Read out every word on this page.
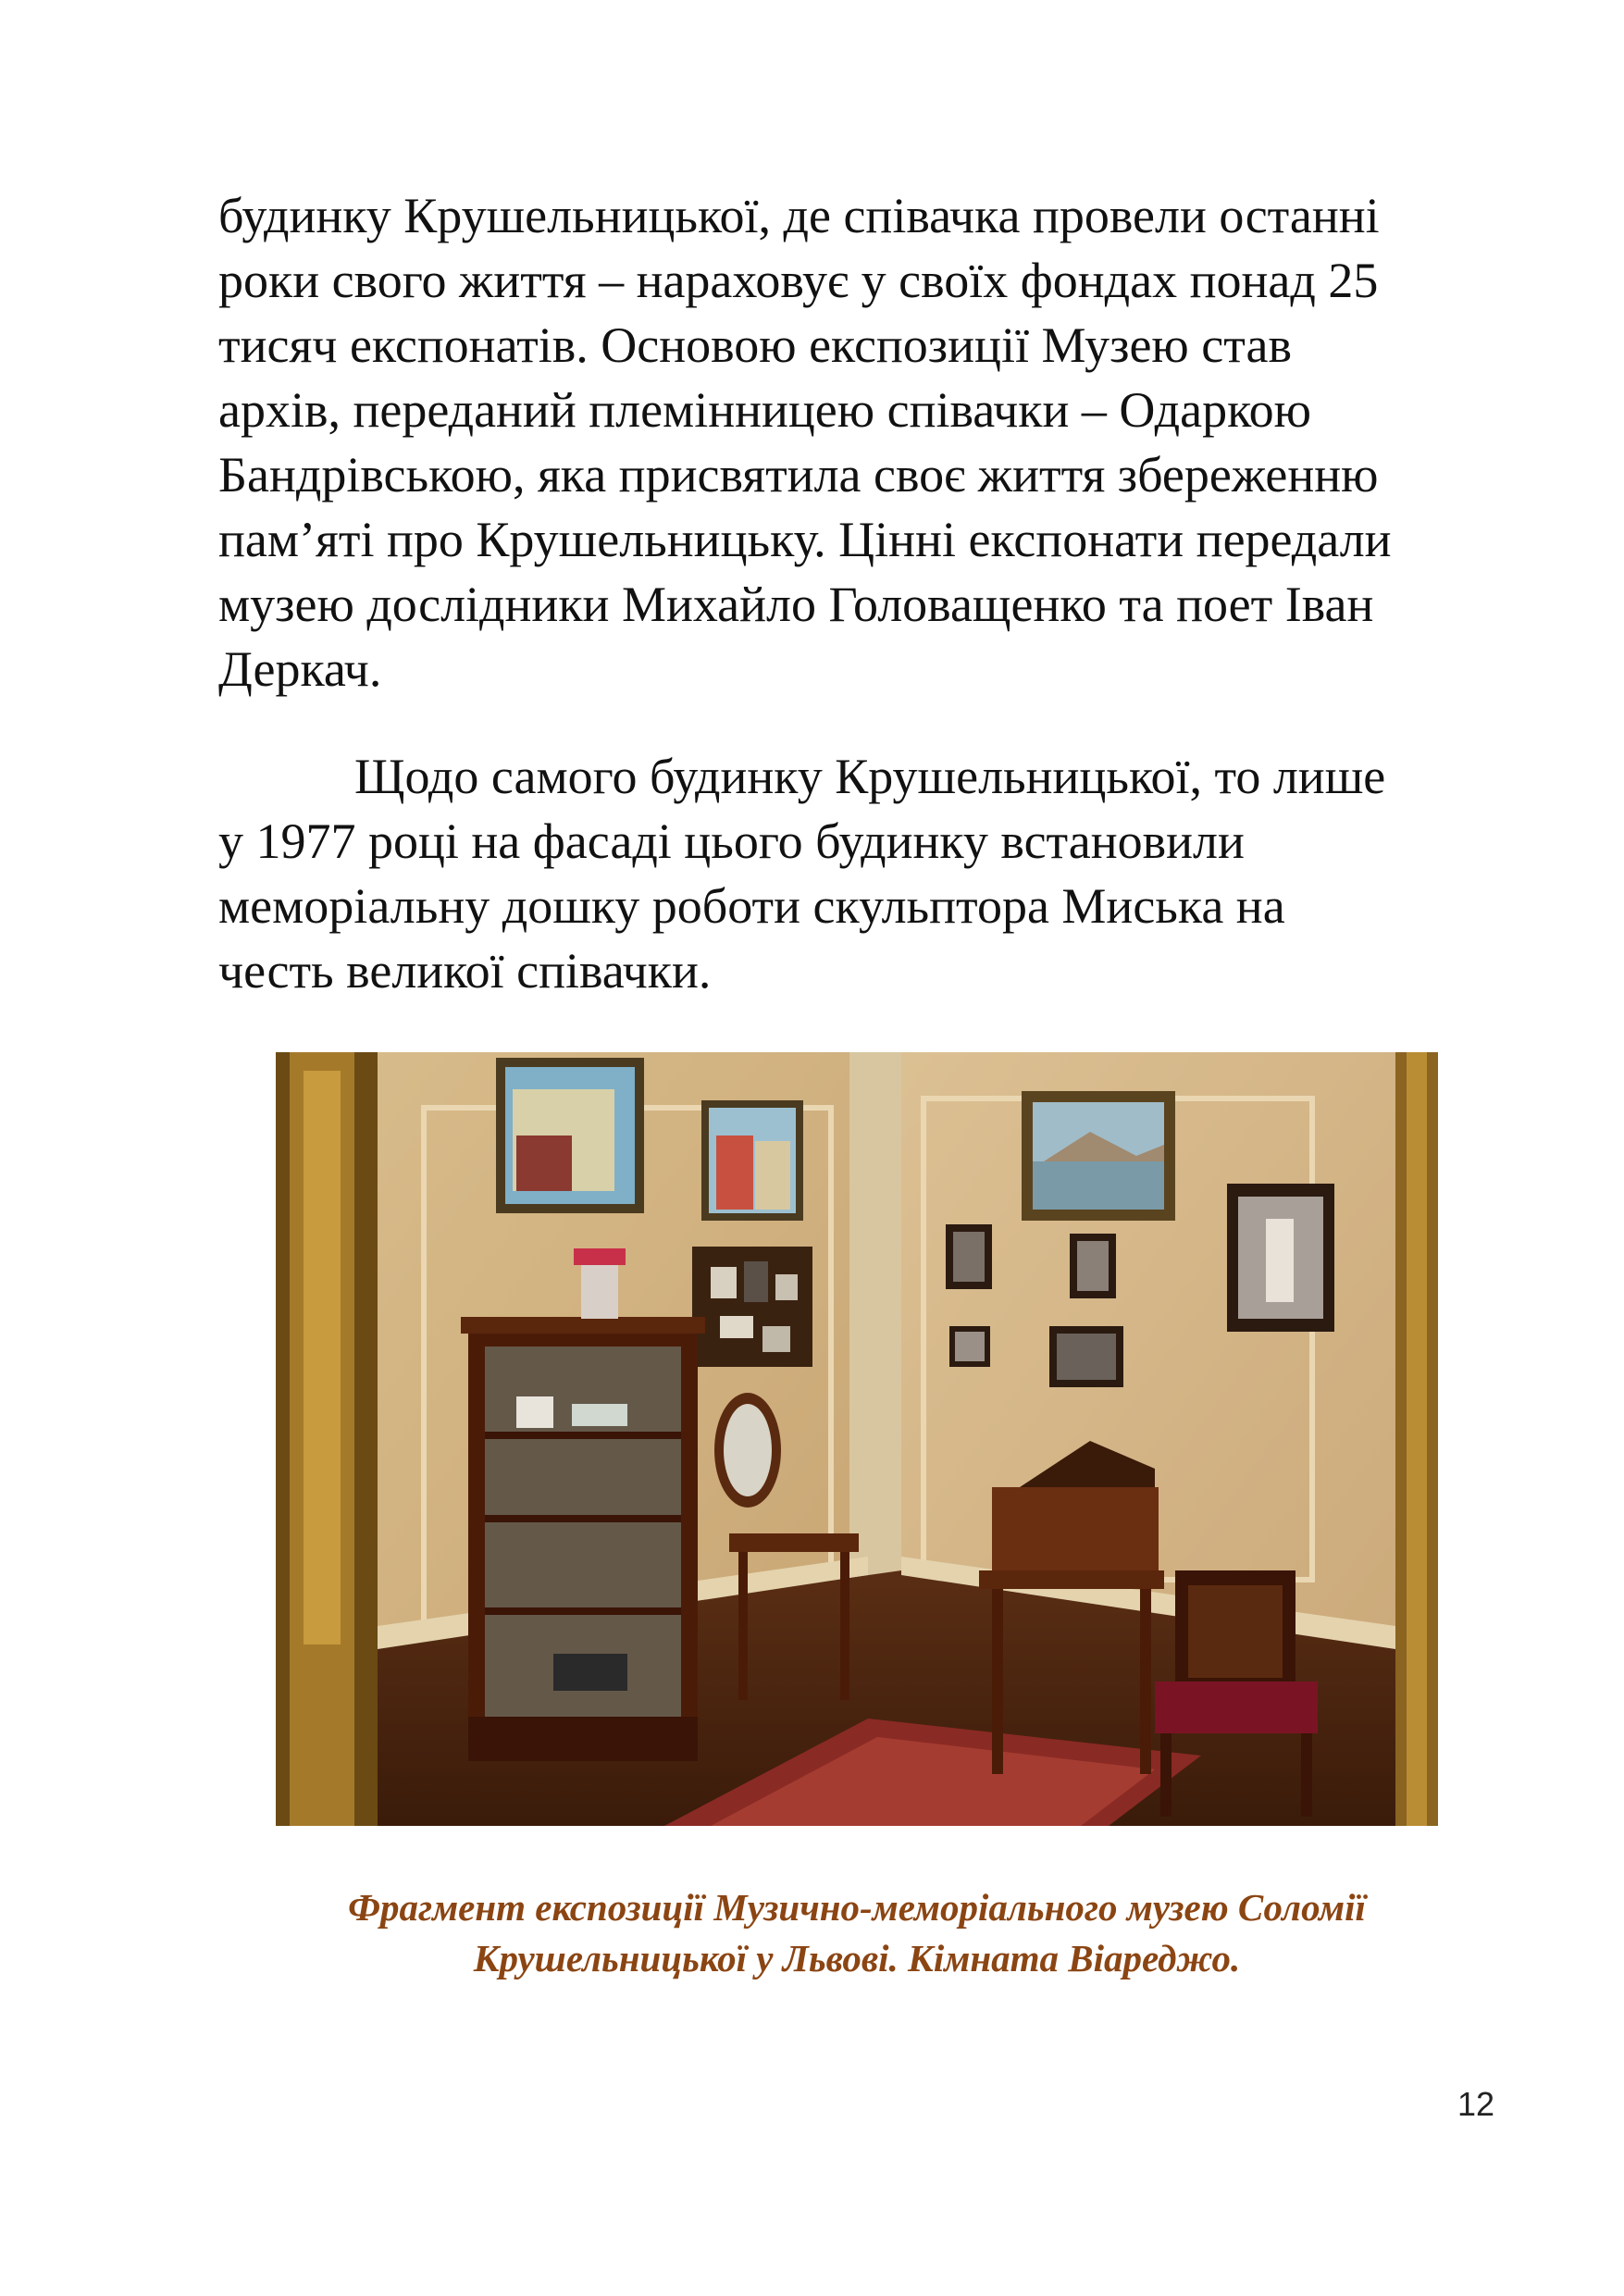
будинку Крушельницької, де співачка провели останні
роки свого життя – нараховує у своїх фондах понад 25
тисяч експонатів. Основою експозиції Музею став
архів, переданий племінницею співачки – Одаркою
Бандрівською, яка присвятила своє життя збереженню
пам’яті про Крушельницьку. Цінні експонати передали
музею дослідники Михайло Головащенко та поет Іван
Деркач.
Щодо самого будинку Крушельницької, то лише
у 1977 році на фасаді цього будинку встановили
меморіальну дошку роботи скульптора Миська на
честь великої співачки.
Фрагмент експозиції Музично-меморіального музею Соломії
Крушельницької у Львові. Кімната Віареджо.
12
